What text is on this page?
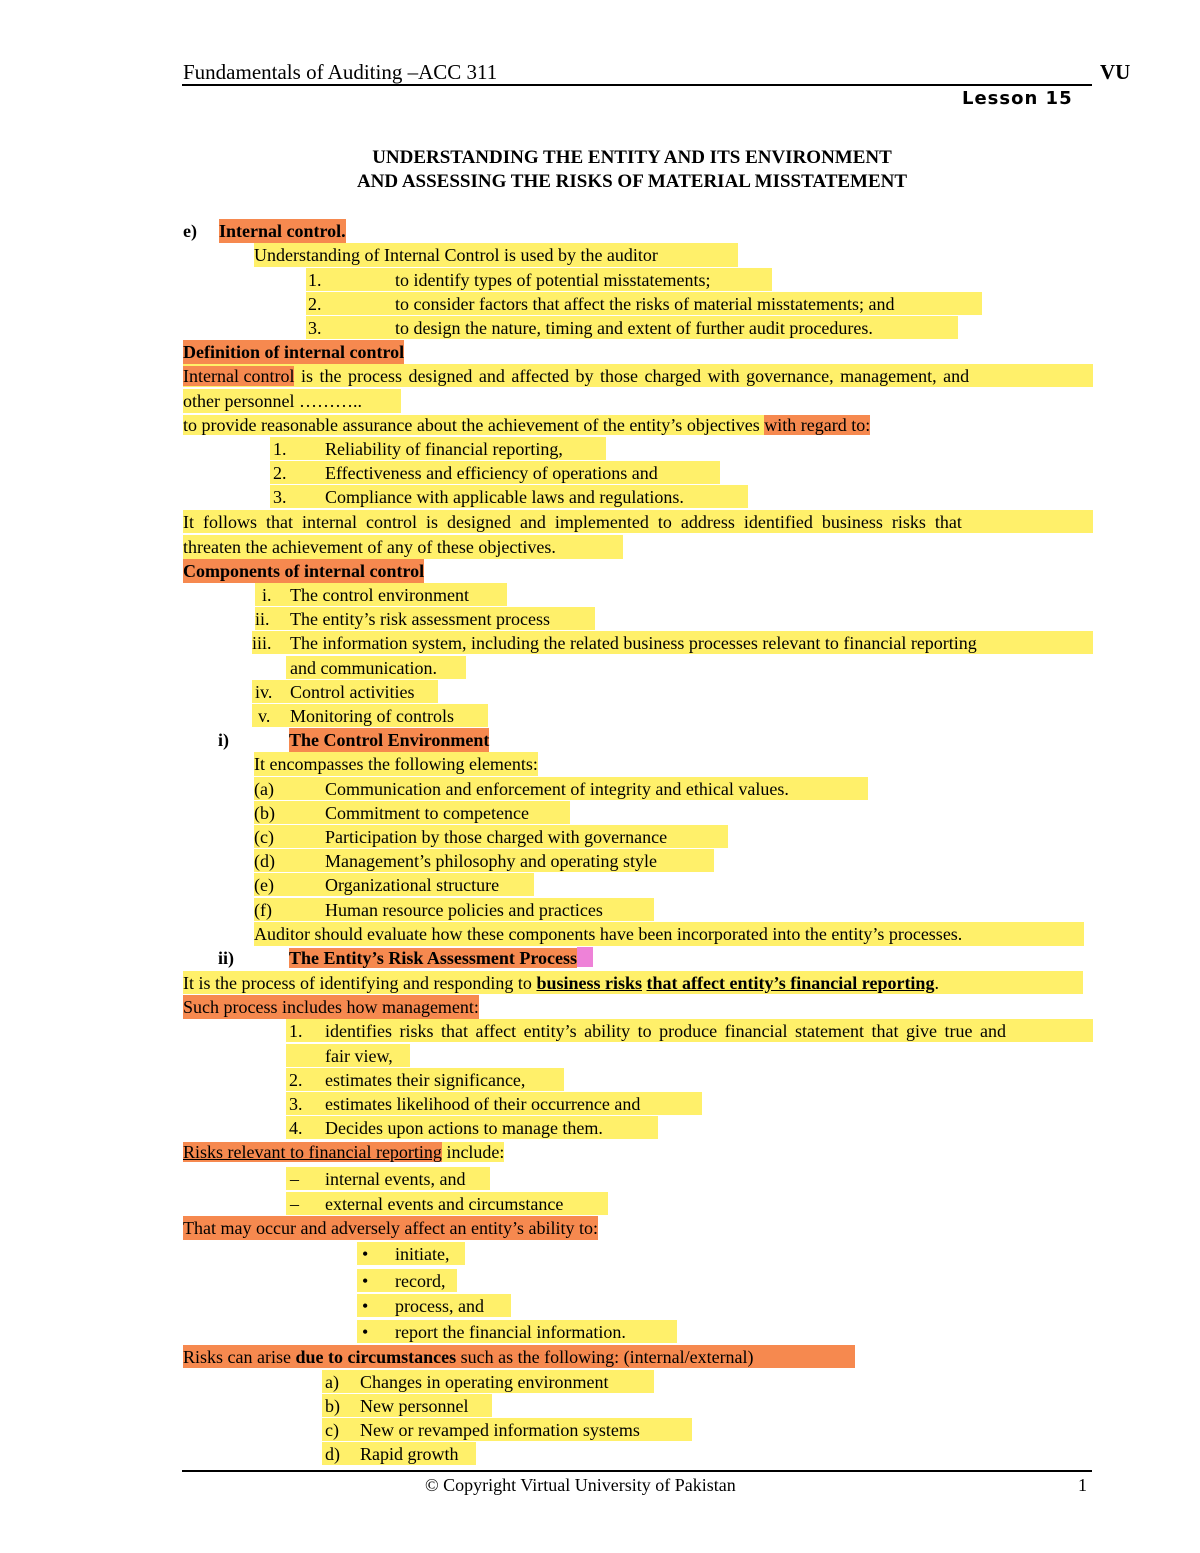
Fundamentals of Auditing –ACC 311	VU
Lesson 15
UNDERSTANDING THE ENTITY AND ITS ENVIRONMENT
AND ASSESSING THE RISKS OF MATERIAL MISSTATEMENT
e) Internal control.
Understanding of Internal Control is used by the auditor
1.	to identify types of potential misstatements;
2.	to consider factors that affect the risks of material misstatements; and
3.	to design the nature, timing and extent of further audit procedures.
Definition of internal control
Internal control is the process designed and affected by those charged with governance, management, and
other personnel ………..
to provide reasonable assurance about the achievement of the entity’s objectives with regard to:
1. Reliability of financial reporting,
2. Effectiveness and efficiency of operations and
3. Compliance with applicable laws and regulations.
It follows that internal control is designed and implemented to address identified business risks that
threaten the achievement of any of these objectives.
Components of internal control
i. The control environment
ii. The entity’s risk assessment process
iii. The information system, including the related business processes relevant to financial reporting
and communication.
iv. Control activities
v. Monitoring of controls
i)	The Control Environment
It encompasses the following elements:
(a)	Communication and enforcement of integrity and ethical values.
(b)	Commitment to competence
(c)	Participation by those charged with governance
(d)	Management’s philosophy and operating style
(e)	Organizational structure
(f)	Human resource policies and practices
Auditor should evaluate how these components have been incorporated into the entity’s processes.
ii)	The Entity’s Risk Assessment Process
It is the process of identifying and responding to business risks that affect entity’s financial reporting.
Such process includes how management:
1. identifies risks that affect entity’s ability to produce financial statement that give true and
fair view,
2. estimates their significance,
3. estimates likelihood of their occurrence and
4. Decides upon actions to manage them.
Risks relevant to financial reporting include:
– internal events, and
– external events and circumstance
That may occur and adversely affect an entity’s ability to:
• initiate,
• record,
• process, and
• report the financial information.
Risks can arise due to circumstances such as the following: (internal/external)
a) Changes in operating environment
b) New personnel
c) New or revamped information systems
d) Rapid growth
© Copyright Virtual University of Pakistan	1
